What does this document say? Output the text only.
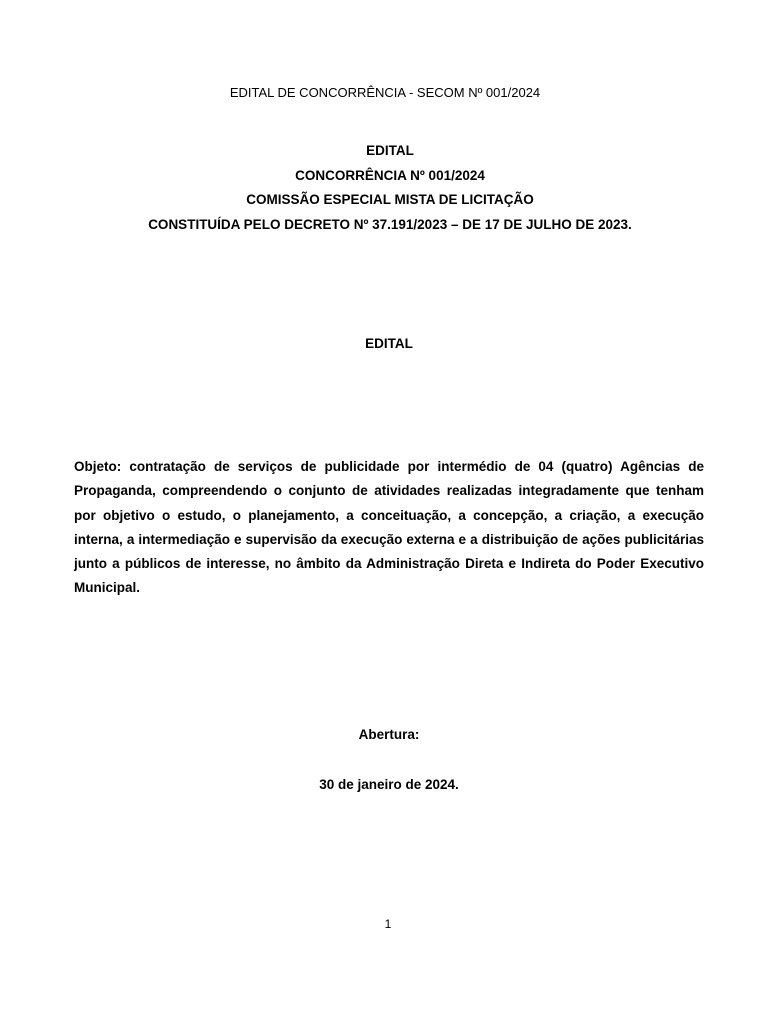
EDITAL DE CONCORRÊNCIA - SECOM Nº 001/2024
EDITAL
CONCORRÊNCIA Nº 001/2024
COMISSÃO ESPECIAL MISTA DE LICITAÇÃO
CONSTITUÍDA PELO DECRETO Nº 37.191/2023 – DE 17 DE JULHO DE 2023.
EDITAL
Objeto: contratação de serviços de publicidade por intermédio de 04 (quatro) Agências de Propaganda, compreendendo o conjunto de atividades realizadas integradamente que tenham por objetivo o estudo, o planejamento, a conceituação, a concepção, a criação, a execução interna, a intermediação e supervisão da execução externa e a distribuição de ações publicitárias junto a públicos de interesse, no âmbito da Administração Direta e Indireta do Poder Executivo Municipal.
Abertura:
30 de janeiro de 2024.
1
